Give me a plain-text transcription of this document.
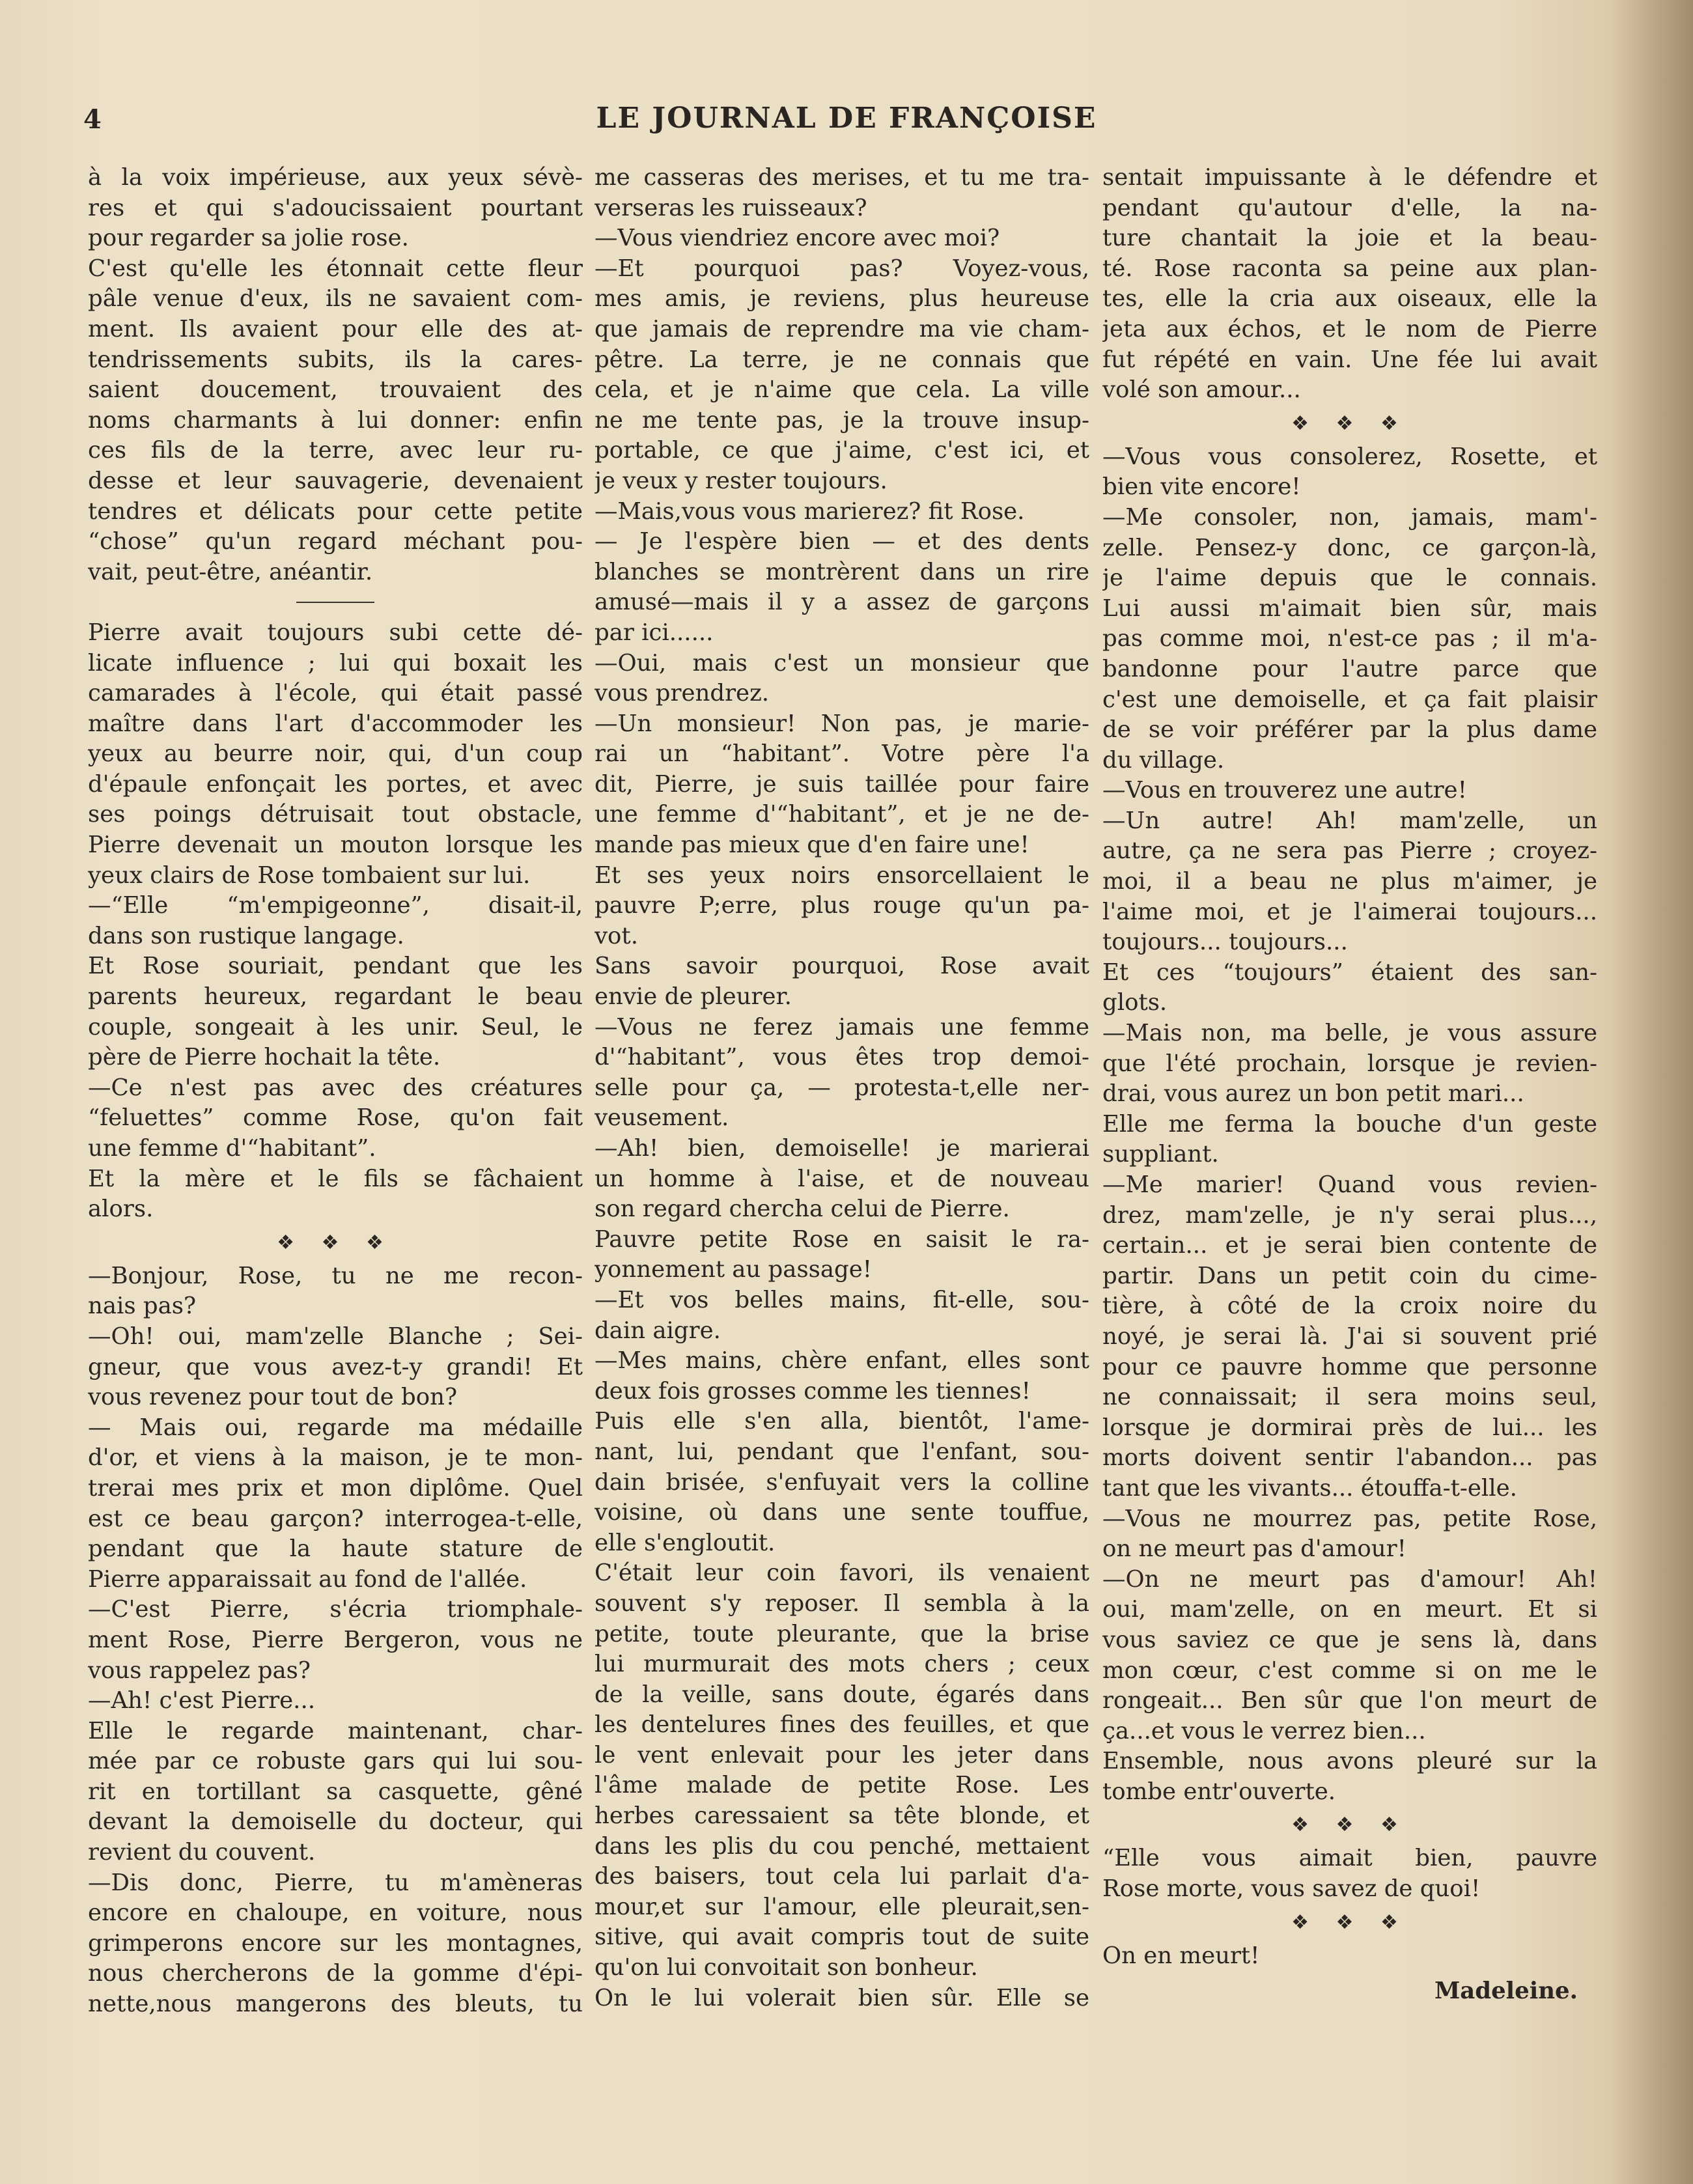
4	LE JOURNAL DE FRANÇOISE

à la voix impérieuse, aux yeux sévè-

res et qui s'adoucissaient pourtant

pour regarder sa jolie rose.

C'est qu'elle les étonnait cette fleur

pâle venue d'eux, ils ne savaient com-

ment. Ils avaient pour elle des at-

tendrissements subits, ils la cares-

saient doucement, trouvaient des

noms charmants à lui donner: enfin

ces fils de la terre, avec leur ru-

desse et leur sauvagerie, devenaient

tendres et délicats pour cette petite

“chose” qu'un regard méchant pou-

vait, peut-être, anéantir.

Pierre avait toujours subi cette dé-

licate influence ; lui qui boxait les

camarades à l'école, qui était passé

maître dans l'art d'accommoder les

yeux au beurre noir, qui, d'un coup

d'épaule enfonçait les portes, et avec

ses poings détruisait tout obstacle,

Pierre devenait un mouton lorsque les

yeux clairs de Rose tombaient sur lui.

—“Elle “m'empigeonne”, disait-il,

dans son rustique langage.

Et Rose souriait, pendant que les

parents heureux, regardant le beau

couple, songeait à les unir. Seul, le

père de Pierre hochait la tête.

—Ce n'est pas avec des créatures

“feluettes” comme Rose, qu'on fait

une femme d'“habitant”.

Et la mère et le fils se fâchaient

alors.

❖ ❖ ❖

—Bonjour, Rose, tu ne me recon-

nais pas?

—Oh! oui, mam'zelle Blanche ; Sei-

gneur, que vous avez-t-y grandi! Et

vous revenez pour tout de bon?

— Mais oui, regarde ma médaille

d'or, et viens à la maison, je te mon-

trerai mes prix et mon diplôme. Quel

est ce beau garçon? interrogea-t-elle,

pendant que la haute stature de

Pierre apparaissait au fond de l'allée.

—C'est Pierre, s'écria triomphale-

ment Rose, Pierre Bergeron, vous ne

vous rappelez pas?

—Ah! c'est Pierre...

Elle le regarde maintenant, char-

mée par ce robuste gars qui lui sou-

rit en tortillant sa casquette, gêné

devant la demoiselle du docteur, qui

revient du couvent.

—Dis donc, Pierre, tu m'amèneras

encore en chaloupe, en voiture, nous

grimperons encore sur les montagnes,

nous chercherons de la gomme d'épi-

nette,nous mangerons des bleuts, tu

me casseras des merises, et tu me tra-

verseras les ruisseaux?

—Vous viendriez encore avec moi?

—Et pourquoi pas? Voyez-vous,

mes amis, je reviens, plus heureuse

que jamais de reprendre ma vie cham-

pêtre. La terre, je ne connais que

cela, et je n'aime que cela. La ville

ne me tente pas, je la trouve insup-

portable, ce que j'aime, c'est ici, et

je veux y rester toujours.

—Mais,vous vous marierez? fit Rose.

— Je l'espère bien — et des dents

blanches se montrèrent dans un rire

amusé—mais il y a assez de garçons

par ici......

—Oui, mais c'est un monsieur que

vous prendrez.

—Un monsieur! Non pas, je marie-

rai un “habitant”. Votre père l'a

dit, Pierre, je suis taillée pour faire

une femme d'“habitant”, et je ne de-

mande pas mieux que d'en faire une!

Et ses yeux noirs ensorcellaient le

pauvre P;erre, plus rouge qu'un pa-

vot.

Sans savoir pourquoi, Rose avait

envie de pleurer.

—Vous ne ferez jamais une femme

d'“habitant”, vous êtes trop demoi-

selle pour ça, — protesta-t,elle ner-

veusement.

—Ah! bien, demoiselle! je marierai

un homme à l'aise, et de nouveau

son regard chercha celui de Pierre.

Pauvre petite Rose en saisit le ra-

yonnement au passage!

—Et vos belles mains, fit-elle, sou-

dain aigre.

—Mes mains, chère enfant, elles sont

deux fois grosses comme les tiennes!

Puis elle s'en alla, bientôt, l'ame-

nant, lui, pendant que l'enfant, sou-

dain brisée, s'enfuyait vers la colline

voisine, où dans une sente touffue,

elle s'engloutit.

C'était leur coin favori, ils venaient

souvent s'y reposer. Il sembla à la

petite, toute pleurante, que la brise

lui murmurait des mots chers ; ceux

de la veille, sans doute, égarés dans

les dentelures fines des feuilles, et que

le vent enlevait pour les jeter dans

l'âme malade de petite Rose. Les

herbes caressaient sa tête blonde, et

dans les plis du cou penché, mettaient

des baisers, tout cela lui parlait d'a-

mour,et sur l'amour, elle pleurait,sen-

sitive, qui avait compris tout de suite

qu'on lui convoitait son bonheur.

On le lui volerait bien sûr. Elle se

sentait impuissante à le défendre et

pendant qu'autour d'elle, la na-

ture chantait la joie et la beau-

té. Rose raconta sa peine aux plan-

tes, elle la cria aux oiseaux, elle la

jeta aux échos, et le nom de Pierre

fut répété en vain. Une fée lui avait

volé son amour...

❖ ❖ ❖

—Vous vous consolerez, Rosette, et

bien vite encore!

—Me consoler, non, jamais, mam'-

zelle. Pensez-y donc, ce garçon-là,

je l'aime depuis que le connais.

Lui aussi m'aimait bien sûr, mais

pas comme moi, n'est-ce pas ; il m'a-

bandonne pour l'autre parce que

c'est une demoiselle, et ça fait plaisir

de se voir préférer par la plus dame

du village.

—Vous en trouverez une autre!

—Un autre! Ah! mam'zelle, un

autre, ça ne sera pas Pierre ; croyez-

moi, il a beau ne plus m'aimer, je

l'aime moi, et je l'aimerai toujours...

toujours... toujours...

Et ces “toujours” étaient des san-

glots.

—Mais non, ma belle, je vous assure

que l'été prochain, lorsque je revien-

drai, vous aurez un bon petit mari...

Elle me ferma la bouche d'un geste

suppliant.

—Me marier! Quand vous revien-

drez, mam'zelle, je n'y serai plus...,

certain... et je serai bien contente de

partir. Dans un petit coin du cime-

tière, à côté de la croix noire du

noyé, je serai là. J'ai si souvent prié

pour ce pauvre homme que personne

ne connaissait; il sera moins seul,

lorsque je dormirai près de lui... les

morts doivent sentir l'abandon... pas

tant que les vivants... étouffa-t-elle.

—Vous ne mourrez pas, petite Rose,

on ne meurt pas d'amour!

—On ne meurt pas d'amour! Ah!

oui, mam'zelle, on en meurt. Et si

vous saviez ce que je sens là, dans

mon cœur, c'est comme si on me le

rongeait... Ben sûr que l'on meurt de

ça...et vous le verrez bien...

Ensemble, nous avons pleuré sur la

tombe entr'ouverte.

❖ ❖ ❖

“Elle vous aimait bien, pauvre

Rose morte, vous savez de quoi!

❖ ❖ ❖

On en meurt!

Madeleine.
